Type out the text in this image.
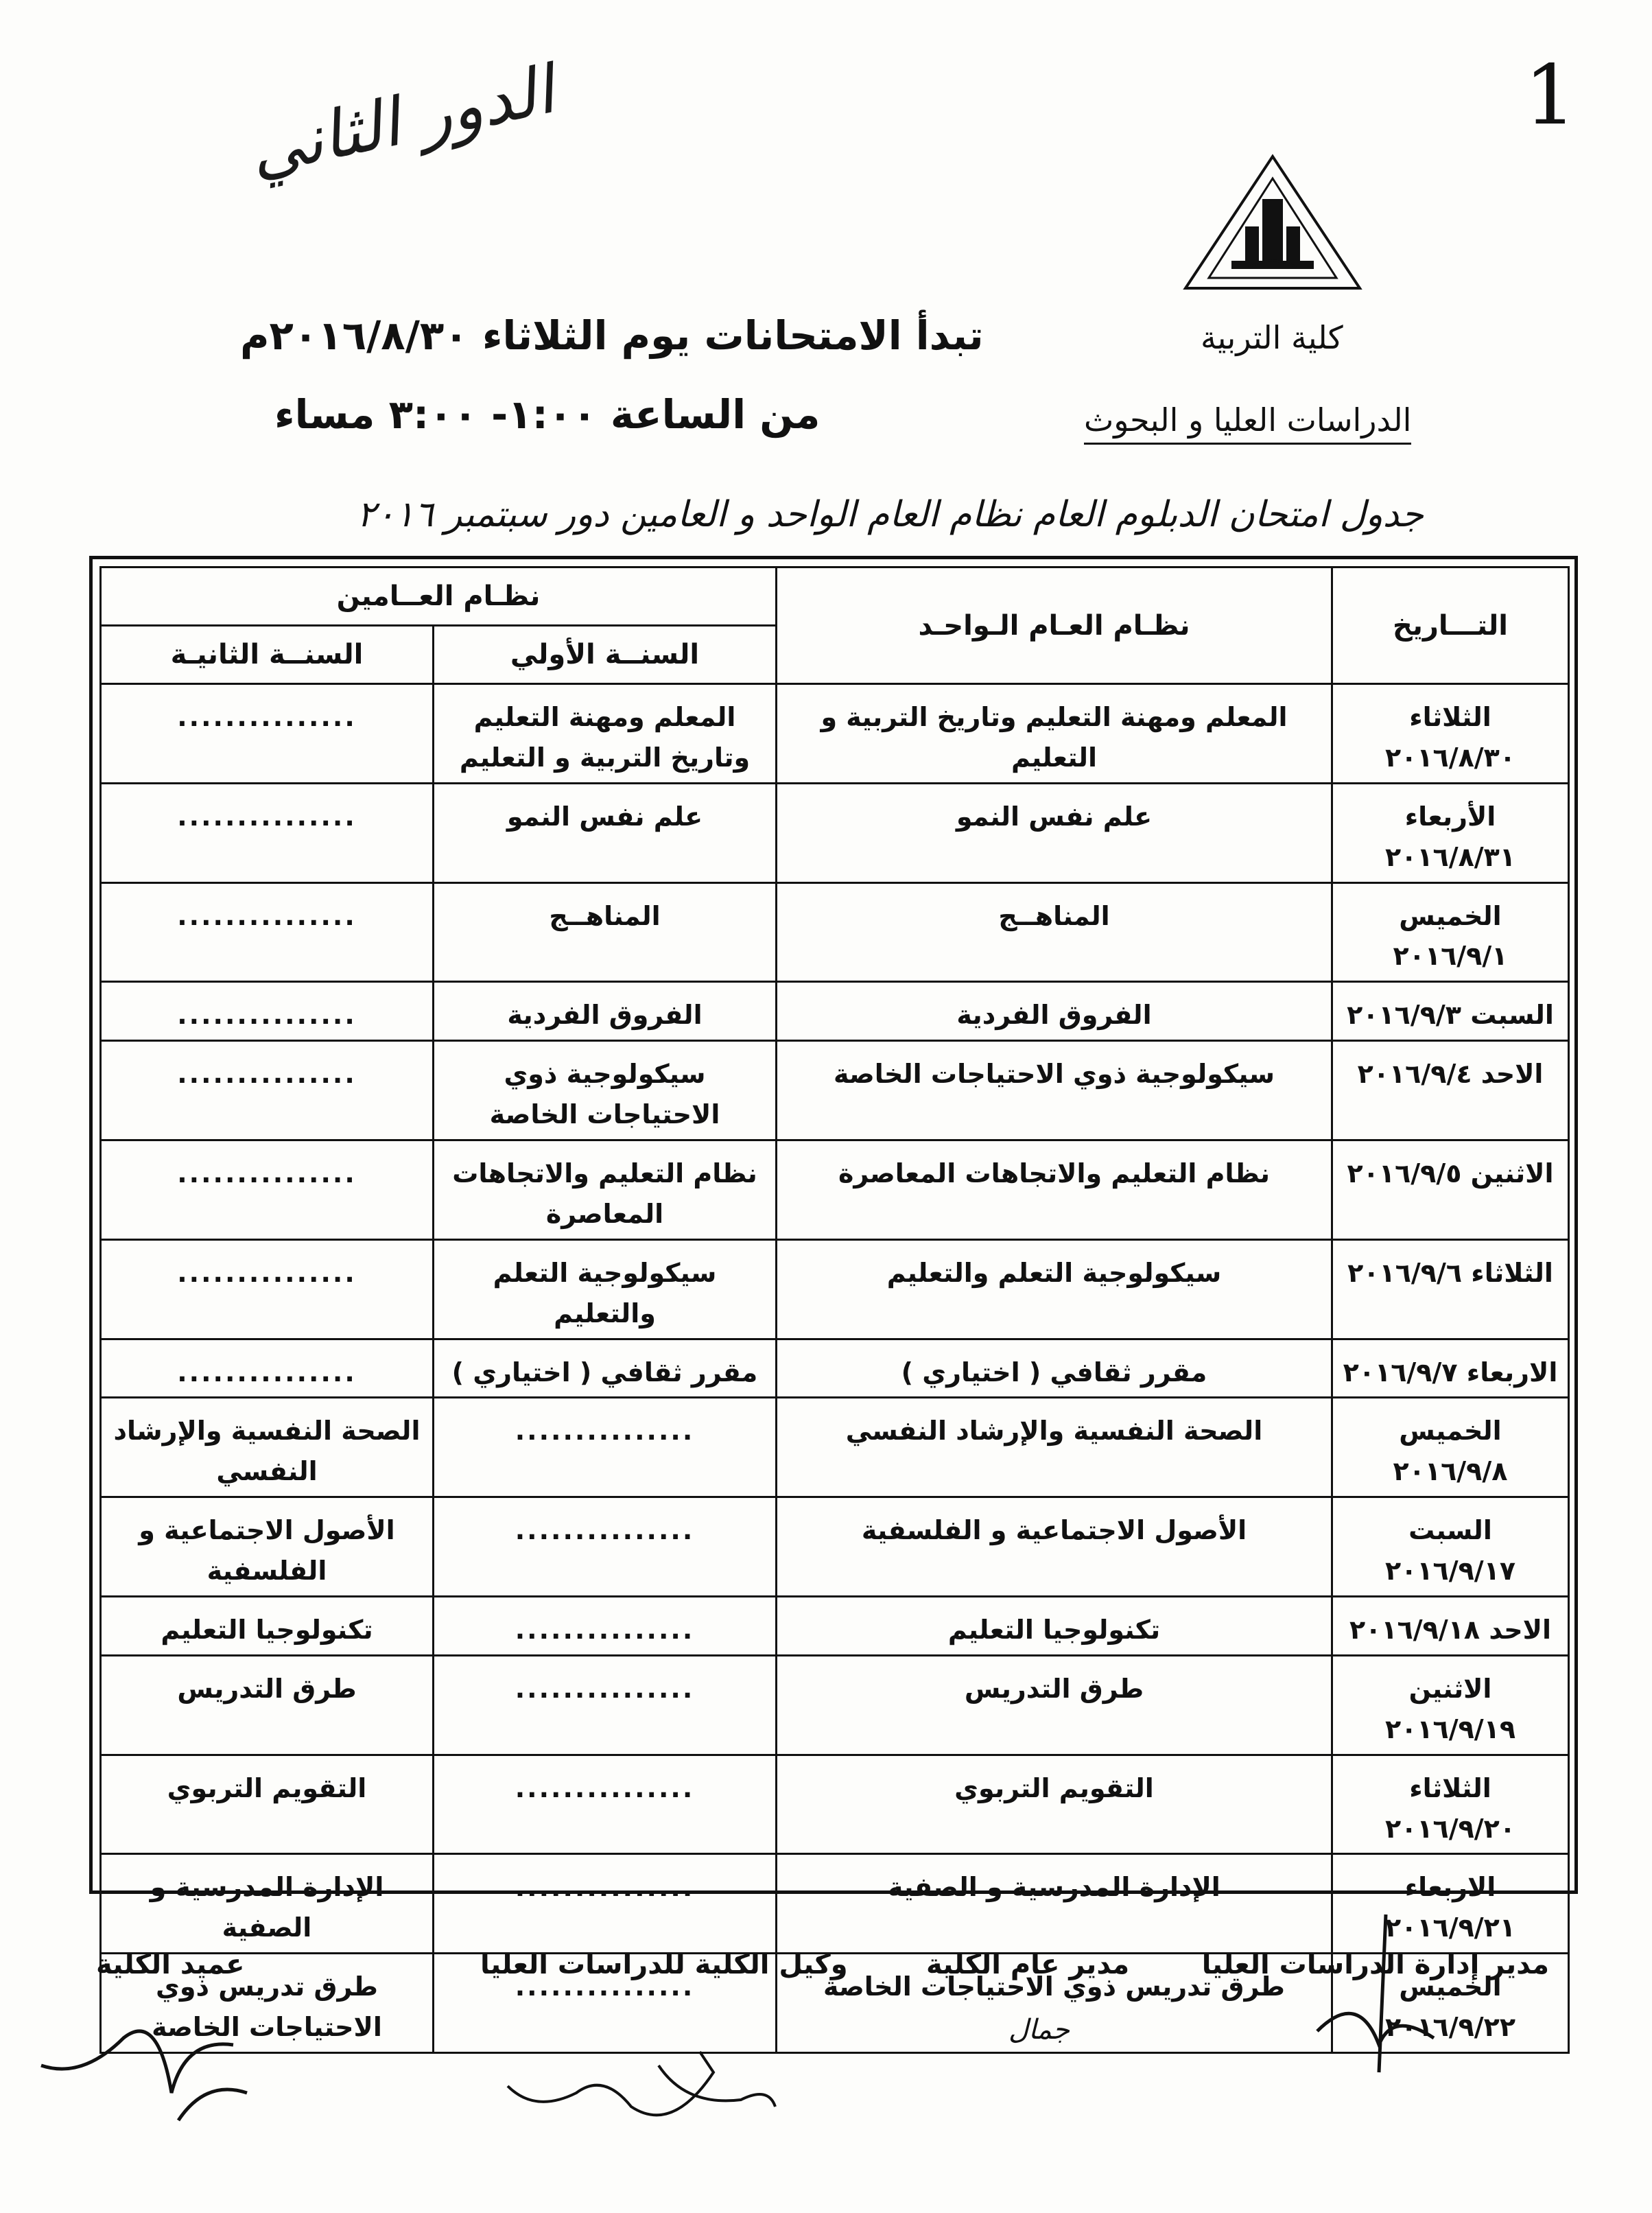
الدور الثاني	1
كلية التربية
الدراسات العليا و البحوث
تبدأ الامتحانات يوم الثلاثاء ٢٠١٦/٨/٣٠م
من الساعة ١:٠٠- ٣:٠٠ مساء
جدول امتحان الدبلوم العام نظام العام الواحد و العامين دور سبتمبر ٢٠١٦
التـــاريخ	نظـام العـام الـواحـد	نظـام العــامين	
		السنــة الأولي	السنــة الثانيـة
الثلاثاء ٢٠١٦/٨/٣٠	المعلم ومهنة التعليم وتاريخ التربية و التعليم	المعلم ومهنة التعليم وتاريخ التربية و التعليم	...............
الأربعاء ٢٠١٦/٨/٣١	علم نفس النمو	علم نفس النمو	...............
الخميس ٢٠١٦/٩/١	المناهــج	المناهــج	...............
السبت ٢٠١٦/٩/٣	الفروق الفردية	الفروق الفردية	...............
الاحد ٢٠١٦/٩/٤	سيكولوجية ذوي الاحتياجات الخاصة	سيكولوجية ذوي الاحتياجات الخاصة	...............
الاثنين ٢٠١٦/٩/٥	نظام التعليم والاتجاهات المعاصرة	نظام التعليم والاتجاهات المعاصرة	...............
الثلاثاء ٢٠١٦/٩/٦	سيكولوجية التعلم والتعليم	سيكولوجية التعلم والتعليم	...............
الاربعاء ٢٠١٦/٩/٧	مقرر ثقافي ( اختياري )	مقرر ثقافي ( اختياري )	...............
الخميس ٢٠١٦/٩/٨	الصحة النفسية والإرشاد النفسي	...............	الصحة النفسية والإرشاد النفسي
السبت ٢٠١٦/٩/١٧	الأصول الاجتماعية و الفلسفية	...............	الأصول الاجتماعية و الفلسفية
الاحد ٢٠١٦/٩/١٨	تكنولوجيا التعليم	...............	تكنولوجيا التعليم
الاثنين ٢٠١٦/٩/١٩	طرق التدريس	...............	طرق التدريس
الثلاثاء ٢٠١٦/٩/٢٠	التقويم التربوي	...............	التقويم التربوي
الاربعاء ٢٠١٦/٩/٢١	الإدارة المدرسية و الصفية	...............	الإدارة المدرسية و الصفية
الخميس ٢٠١٦/٩/٢٢	طرق تدريس ذوي الاحتياجات الخاصة	...............	طرق تدريس ذوي الاحتياجات الخاصة
مدير إدارة الدراسات العليا
مدير عام الكلية
وكيل الكلية للدراسات العليا
عميد الكلية
جمال
